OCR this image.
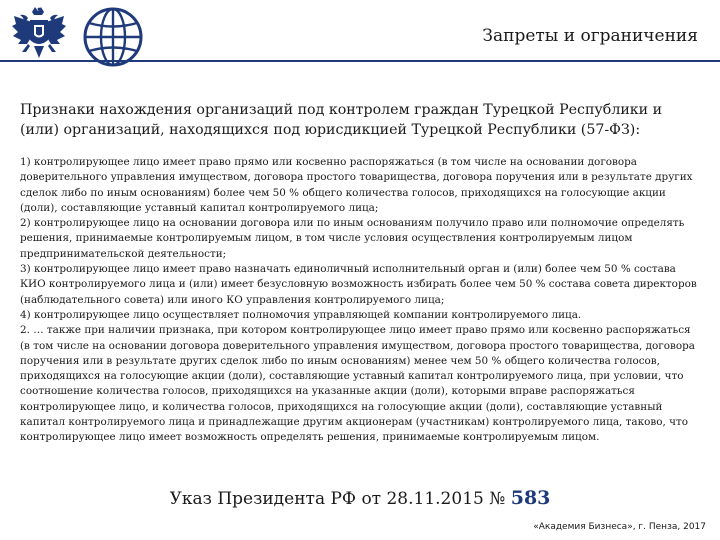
Запреты и ограничения
Признаки нахождения организаций под контролем граждан Турецкой Республики и (или) организаций, находящихся под юрисдикцией Турецкой Республики (57-ФЗ):

1) контролирующее лицо имеет право прямо или косвенно распоряжаться (в том числе на основании договора доверительного управления имуществом, договора простого товарищества, договора поручения или в результате других сделок либо по иным основаниям) более чем 50 % общего количества голосов, приходящихся на голосующие акции (доли), составляющие уставный капитал контролируемого лица;

2) контролирующее лицо на основании договора или по иным основаниям получило право или полномочие определять решения, принимаемые контролируемым лицом, в том числе условия осуществления контролируемым лицом предпринимательской деятельности;

3) контролирующее лицо имеет право назначать единоличный исполнительный орган и (или) более чем 50 % состава КИО контролируемого лица и (или) имеет безусловную возможность избирать более чем 50 % состава совета директоров (наблюдательного совета) или иного КО управления контролируемого лица;

4) контролирующее лицо осуществляет полномочия управляющей компании контролируемого лица.

2. … также при наличии признака, при котором контролирующее лицо имеет право прямо или косвенно распоряжаться (в том числе на основании договора доверительного управления имуществом, договора простого товарищества, договора поручения или в результате других сделок либо по иным основаниям) менее чем 50 % общего количества голосов, приходящихся на голосующие акции (доли), составляющие уставный капитал контролируемого лица, при условии, что соотношение количества голосов, приходящихся на указанные акции (доли), которыми вправе распоряжаться контролирующее лицо, и количества голосов, приходящихся на голосующие акции (доли), составляющие уставный капитал контролируемого лица и принадлежащие другим акционерам (участникам) контролируемого лица, таково, что контролирующее лицо имеет возможность определять решения, принимаемые контролируемым лицом.

Указ Президента РФ от 28.11.2015 № 583
«Академия Бизнеса», г. Пенза, 2017
